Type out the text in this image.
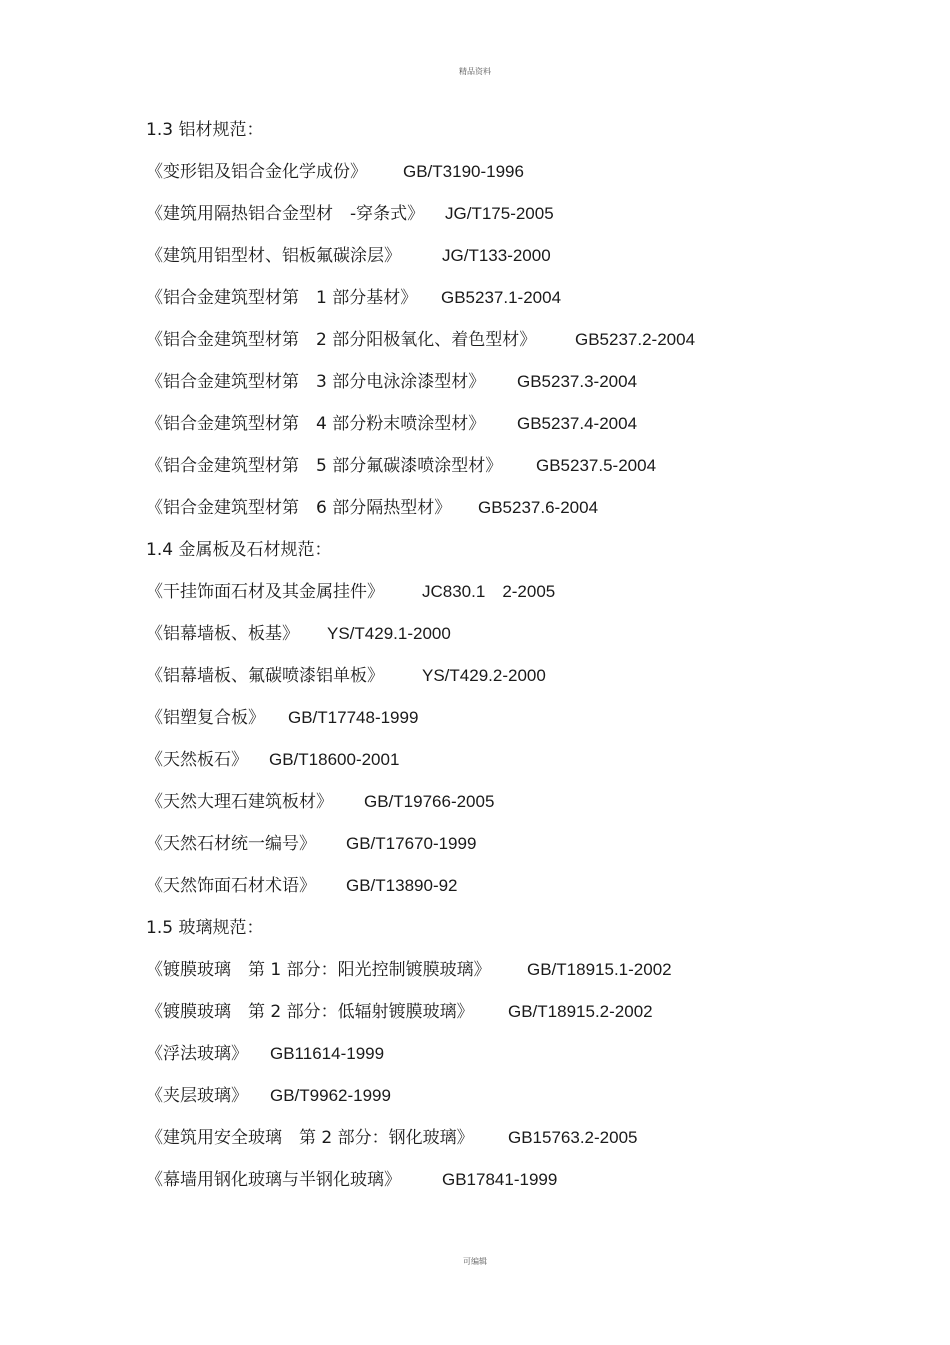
精品资料
1.3 铝材规范：
《变形铝及铝合金化学成份》 GB/T3190-1996
《建筑用隔热铝合金型材　-穿条式》 JG/T175-2005
《建筑用铝型材、铝板氟碳涂层》 JG/T133-2000
《铝合金建筑型材第　1 部分基材》 GB5237.1-2004
《铝合金建筑型材第　2 部分阳极氧化、着色型材》 GB5237.2-2004
《铝合金建筑型材第　3 部分电泳涂漆型材》 GB5237.3-2004
《铝合金建筑型材第　4 部分粉末喷涂型材》 GB5237.4-2004
《铝合金建筑型材第　5 部分氟碳漆喷涂型材》 GB5237.5-2004
《铝合金建筑型材第　6 部分隔热型材》 GB5237.6-2004
1.4 金属板及石材规范：
《干挂饰面石材及其金属挂件》 JC830.1　2-2005
《铝幕墙板、板基》 YS/T429.1-2000
《铝幕墙板、氟碳喷漆铝单板》 YS/T429.2-2000
《铝塑复合板》 GB/T17748-1999
《天然板石》 GB/T18600-2001
《天然大理石建筑板材》 GB/T19766-2005
《天然石材统一编号》 GB/T17670-1999
《天然饰面石材术语》 GB/T13890-92
1.5 玻璃规范：
《镀膜玻璃　第 1 部分：阳光控制镀膜玻璃》 GB/T18915.1-2002
《镀膜玻璃　第 2 部分：低辐射镀膜玻璃》 GB/T18915.2-2002
《浮法玻璃》 GB11614-1999
《夹层玻璃》 GB/T9962-1999
《建筑用安全玻璃　第 2 部分：钢化玻璃》 GB15763.2-2005
《幕墙用钢化玻璃与半钢化玻璃》 GB17841-1999
可编辑
